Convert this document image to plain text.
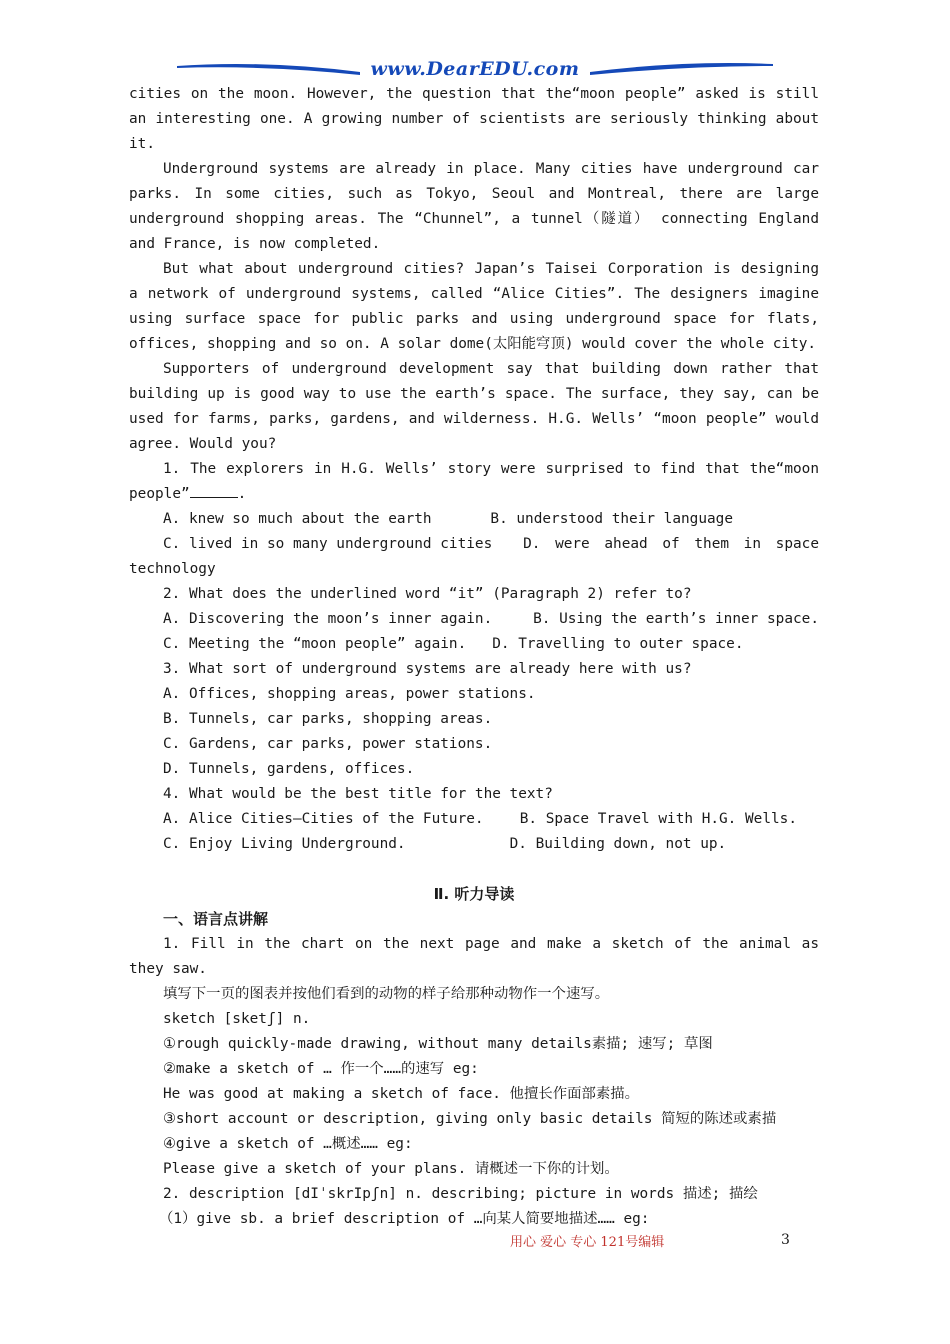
www.DearEDU.com

cities on the moon. However, the question that the“moon people” asked is still an interesting one. A growing number of scientists are seriously thinking about it.

Underground systems are already in place. Many cities have underground car parks. In some cities, such as Tokyo, Seoul and Montreal, there are large underground shopping areas. The “Chunnel”, a tunnel（隧道） connecting England and France, is now completed.

But what about underground cities? Japan’s Taisei Corporation is designing a network of underground systems, called “Alice Cities”. The designers imagine using surface space for public parks and using underground space for flats, offices, shopping and so on. A solar dome(太阳能穹顶) would cover the whole city.

Supporters of underground development say that building down rather that building up is good way to use the earth’s space. The surface, they say, can be used for farms, parks, gardens, and wilderness. H.G. Wells’ “moon people” would agree. Would you?

1. The explorers in H.G. Wells’ story were surprised to find that the“moon

people”	.

A. knew so much about the earth	B. understood their language
C. lived in so many underground cities D. were ahead of them in space

technology

2. What does the underlined word “it” (Paragraph 2) refer to?

A. Discovering the moon’s inner again.	B. Using the earth’s inner space.
C. Meeting the “moon people” again. D. Travelling to outer space.

3. What sort of underground systems are already here with us?

A. Offices, shopping areas, power stations.

B. Tunnels, car parks, shopping areas.

C. Gardens, car parks, power stations.

D. Tunnels, gardens, offices.

4. What would be the best title for the text?

A. Alice Cities—Cities of the Future.	B. Space Travel with H.G. Wells.
C. Enjoy Living Underground.	D. Building down, not up.

Ⅱ. 听力导读

一、语言点讲解

1. Fill in the chart on the next page and make a sketch of the animal as they saw.

填写下一页的图表并按他们看到的动物的样子给那种动物作一个速写。

sketch [sketʃ] n.

①rough quickly-made drawing, without many details素描; 速写; 草图

②make a sketch of … 作一个……的速写 eg:

He was good at making a sketch of face. 他擅长作面部素描。

③short account or description, giving only basic details 简短的陈述或素描

④give a sketch of …概述…… eg:

Please give a sketch of your plans. 请概述一下你的计划。

2. description [dIˈskrIpʃn] n. describing; picture in words 描述; 描绘

（1）give sb. a brief description of …向某人简要地描述…… eg:

用心 爱心 专心 121号编辑	3
